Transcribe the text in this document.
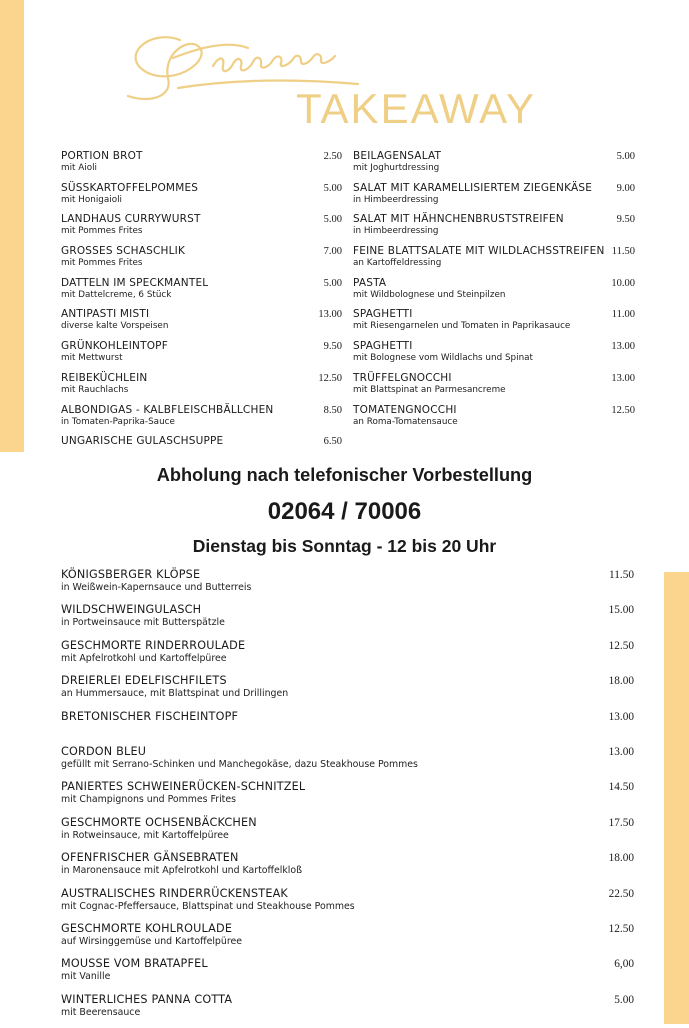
TAKEAWAY
PORTION BROT
mit Aioli
2.50
SÜSSKARTOFFELPOMMES
mit Honigaioli
5.00
LANDHAUS CURRYWURST
mit Pommes Frites
5.00
GROSSES SCHASCHLIK
mit Pommes Frites
7.00
DATTELN IM SPECKMANTEL
mit Dattelcreme, 6 Stück
5.00
ANTIPASTI MISTI
diverse kalte Vorspeisen
13.00
GRÜNKOHLEINTOPF
mit Mettwurst
9.50
REIBEKÜCHLEIN
mit Rauchlachs
12.50
ALBONDIGAS - KALBFLEISCHBÄLLCHEN
in Tomaten-Paprika-Sauce
8.50
UNGARISCHE GULASCHSUPPE	6.50
BEILAGENSALAT
mit Joghurtdressing
5.00
SALAT MIT KARAMELLISIERTEM ZIEGENKÄSE
in Himbeerdressing
9.00
SALAT MIT HÄHNCHENBRUSTSTREIFEN
in Himbeerdressing
9.50
FEINE BLATTSALATE MIT WILDLACHSSTREIFEN
an Kartoffeldressing
11.50
PASTA
mit Wildbolognese und Steinpilzen
10.00
SPAGHETTI
mit Riesengarnelen und Tomaten in Paprikasauce
11.00
SPAGHETTI
mit Bolognese vom Wildlachs und Spinat
13.00
TRÜFFELGNOCCHI
mit Blattspinat an Parmesancreme
13.00
TOMATENGNOCCHI
an Roma-Tomatensauce
12.50
Abholung nach telefonischer Vorbestellung
02064 / 70006
Dienstag bis Sonntag - 12 bis 20 Uhr
KÖNIGSBERGER KLÖPSE
in Weißwein-Kapernsauce und Butterreis
11.50
WILDSCHWEINGULASCH
in Portweinsauce mit Butterspätzle
15.00
GESCHMORTE RINDERROULADE
mit Apfelrotkohl und Kartoffelpüree
12.50
DREIERLEI EDELFISCHFILETS
an Hummersauce, mit Blattspinat und Drillingen
18.00
BRETONISCHER FISCHEINTOPF	13.00
CORDON BLEU
gefüllt mit Serrano-Schinken und Manchegokäse, dazu Steakhouse Pommes
13.00
PANIERTES SCHWEINERÜCKEN-SCHNITZEL
mit Champignons und Pommes Frites
14.50
GESCHMORTE OCHSENBÄCKCHEN
in Rotweinsauce, mit Kartoffelpüree
17.50
OFENFRISCHER GÄNSEBRATEN
in Maronensauce mit Apfelrotkohl und Kartoffelkloß
18.00
AUSTRALISCHES RINDERRÜCKENSTEAK
mit Cognac-Pfeffersauce, Blattspinat und Steakhouse Pommes
22.50
GESCHMORTE KOHLROULADE
auf Wirsinggemüse und Kartoffelpüree
12.50
MOUSSE VOM BRATAPFEL
mit Vanille
6,00
WINTERLICHES PANNA COTTA
mit Beerensauce
5.00
